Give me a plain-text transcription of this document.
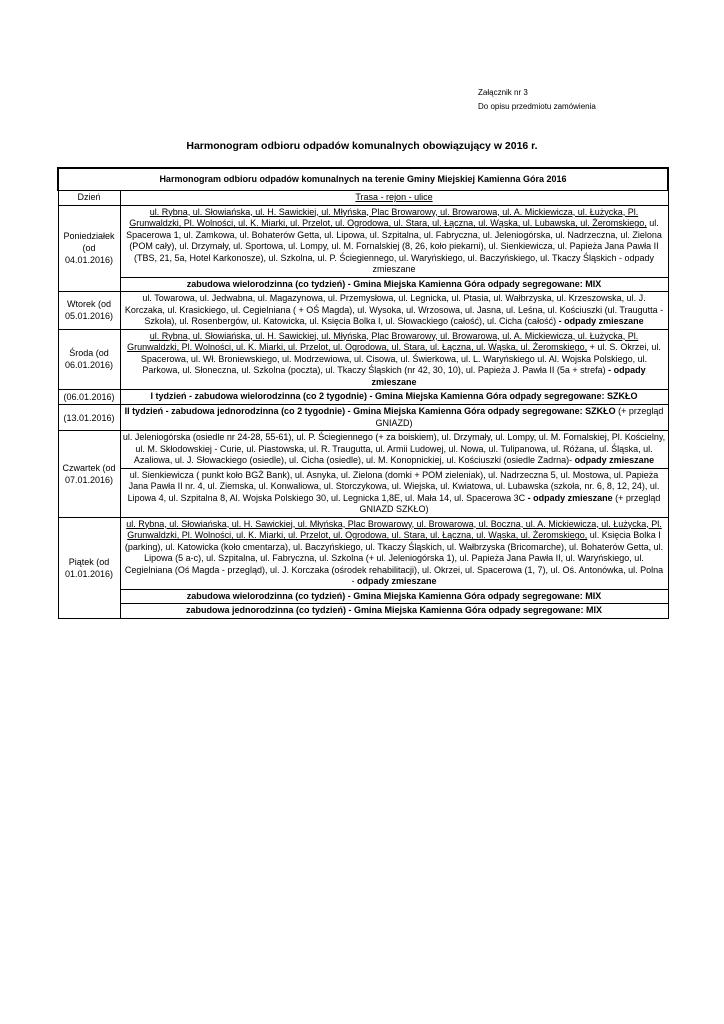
Załącznik nr 3
Do opisu przedmiotu zamówienia
Harmonogram odbioru odpadów komunalnych obowiązujący w 2016 r.
Harmonogram odbioru odpadów komunalnych na terenie Gminy Miejskiej Kamienna Góra 2016	
Dzień	Trasa - rejon - ulice
Poniedziałek (od 04.01.2016)	ul. Rybna, ul. Słowiańska, ul. H. Sawickiej, ul. Młyńska, Plac Browarowy, ul. Browarowa, ul. A. Mickiewicza, ul. Łużycka, Pl. Grunwaldzki, Pl. Wolności, ul. K. Miarki, ul. Przelot, ul. Ogrodowa, ul. Stara, ul. Łączna, ul. Wąska, ul. Lubawska, ul. Żeromskiego, ul. Spacerowa 1, ul. Zamkowa, ul. Bohaterów Getta, ul. Lipowa, ul. Szpitalna, ul. Fabryczna, ul. Jeleniogórska, ul. Nadrzeczna, ul. Zielona (POM cały), ul. Drzymały, ul. Sportowa, ul. Lompy, ul. M. Fornalskiej (8, 26, koło piekarni), ul. Sienkiewicza, ul. Papieża Jana Pawła II (TBS, 21, 5a, Hotel Karkonosze), ul. Szkolna, ul. P. Ściegiennego, ul. Waryńskiego, ul. Baczyńskiego, ul. Tkaczy Śląskich - odpady zmieszane
	zabudowa wielorodzinna (co tydzień) - Gmina Miejska Kamienna Góra odpady segregowane: MIX
Wtorek (od 05.01.2016)	ul. Towarowa, ul. Jedwabna, ul. Magazynowa, ul. Przemysłowa, ul. Legnicka, ul. Ptasia, ul. Wałbrzyska, ul. Krzeszowska, ul. J. Korczaka, ul. Krasickiego, ul. Cegielniana ( + OŚ Magda), ul. Wysoka, ul. Wrzosowa, ul. Jasna, ul. Leśna, ul. Kościuszki (ul. Traugutta - Szkoła), ul. Rosenbergów, ul. Katowicka, ul. Księcia Bolka I, ul. Słowackiego (całość), ul. Cicha (całość) - odpady zmieszane
Środa (od 06.01.2016)	ul. Rybna, ul. Słowiańska, ul. H. Sawickiej, ul. Młyńska, Plac Browarowy, ul. Browarowa, ul. A. Mickiewicza, ul. Łużycka, Pl. Grunwaldzki, Pl. Wolności, ul. K. Miarki, ul. Przelot, ul. Ogrodowa, ul. Stara, ul. Łączna, ul. Wąska, ul. Żeromskiego, + ul. S. Okrzei, ul. Spacerowa, ul. Wł. Broniewskiego, ul. Modrzewiowa, ul. Cisowa, ul. Świerkowa, ul. L. Waryńskiego ul. Al. Wojska Polskiego, ul. Parkowa, ul. Słoneczna, ul. Szkolna (poczta), ul. Tkaczy Śląskich (nr 42, 30, 10), ul. Papieża J. Pawła II (5a + strefa) - odpady zmieszane
(06.01.2016)	I tydzień - zabudowa wielorodzinna (co 2 tygodnie) - Gmina Miejska Kamienna Góra odpady segregowane: SZKŁO
(13.01.2016)	II tydzień - zabudowa jednorodzinna (co 2 tygodnie) - Gmina Miejska Kamienna Góra odpady segregowane: SZKŁO (+ przegląd GNIAZD)
Czwartek (od 07.01.2016)	ul. Jeleniogórska (osiedle nr 24-28, 55-61), ul. P. Ściegiennego (+ za boiskiem), ul. Drzymały, ul. Lompy, ul. M. Fornalskiej, Pl. Kościelny, ul. M. Skłodowskiej - Curie, ul. Piastowska, ul. R. Traugutta, ul. Armii Ludowej, ul. Nowa, ul. Tulipanowa, ul. Różana, ul. Śląska, ul. Azaliowa, ul. J. Słowackiego (osiedle), ul. Cicha (osiedle), ul. M. Konopnickiej, ul. Kościuszki (osiedle Zadrna)- odpady zmieszane
	ul. Sienkiewicza ( punkt koło BGŻ Bank), ul. Asnyka, ul. Zielona (domki + POM zieleniak), ul. Nadrzeczna 5, ul. Mostowa, ul. Papieża Jana Pawła II nr. 4, ul. Ziemska, ul. Konwaliowa, ul. Storczykowa, ul. Wiejska, ul. Kwiatowa, ul. Lubawska (szkoła, nr. 6, 8, 12, 24), ul. Lipowa 4, ul. Szpitalna 8, Al. Wojska Polskiego 30, ul. Legnicka 1,8E, ul. Mała 14, ul. Spacerowa 3C - odpady zmieszane (+ przegląd GNIAZD SZKŁO)
Piątek (od 01.01.2016)	ul. Rybna, ul. Słowiańska, ul. H. Sawickiej, ul. Młyńska, Plac Browarowy, ul. Browarowa, ul. Boczna, ul. A. Mickiewicza, ul. Łużycka, Pl. Grunwaldzki, Pl. Wolności, ul. K. Miarki, ul. Przelot, ul. Ogrodowa, ul. Stara, ul. Łączna, ul. Wąska, ul. Żeromskiego, ul. Księcia Bolka I (parking), ul. Katowicka (koło cmentarza), ul. Baczyńskiego, ul. Tkaczy Śląskich, ul. Wałbrzyska (Bricomarche), ul. Bohaterów Getta, ul. Lipowa (5 a-c), ul. Szpitalna, ul. Fabryczna, ul. Szkolna (+ ul. Jeleniogórska 1), ul. Papieża Jana Pawła II, ul. Waryńskiego, ul. Cegielniana (Oś Magda - przegląd), ul. J. Korczaka (ośrodek rehabilitacji), ul. Okrzei, ul. Spacerowa (1, 7), ul. Oś. Antonówka, ul. Polna - odpady zmieszane
	zabudowa wielorodzinna (co tydzień) - Gmina Miejska Kamienna Góra odpady segregowane: MIX
	zabudowa jednorodzinna (co tydzień) - Gmina Miejska Kamienna Góra odpady segregowane: MIX
